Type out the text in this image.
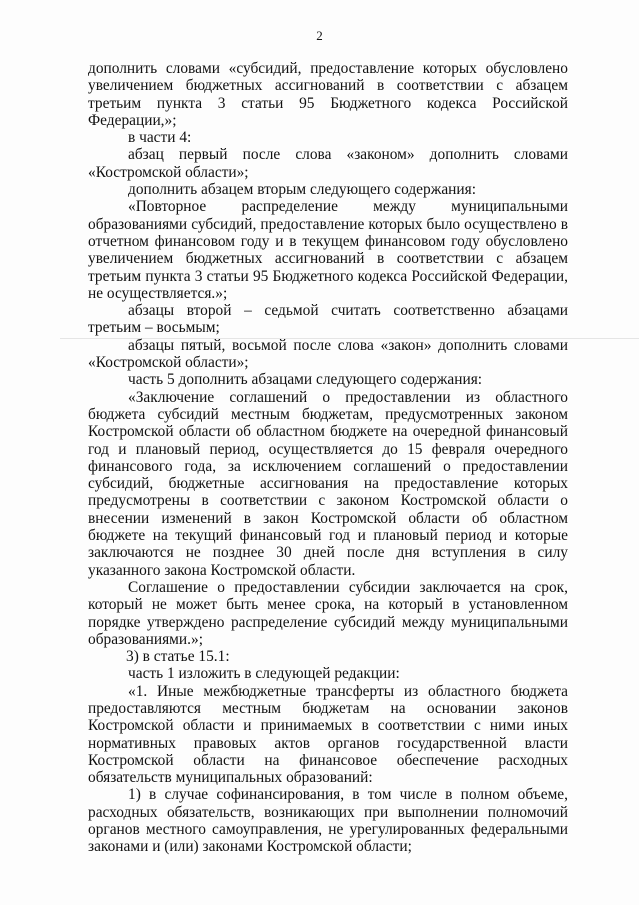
2

дополнить словами «субсидий, предоставление которых обусловлено увеличением бюджетных ассигнований в соответствии с абзацем третьим пункта 3 статьи 95 Бюджетного кодекса Российской Федерации,»;

в части 4:

абзац первый после слова «законом» дополнить словами «Костромской области»;

дополнить абзацем вторым следующего содержания:

«Повторное распределение между муниципальными образованиями субсидий, предоставление которых было осуществлено в отчетном финансовом году и в текущем финансовом году обусловлено увеличением бюджетных ассигнований в соответствии с абзацем третьим пункта 3 статьи 95 Бюджетного кодекса Российской Федерации, не осуществляется.»;

абзацы второй – седьмой считать соответственно абзацами третьим – восьмым;

абзацы пятый, восьмой после слова «закон» дополнить словами «Костромской области»;

часть 5 дополнить абзацами следующего содержания:

«Заключение соглашений о предоставлении из областного бюджета субсидий местным бюджетам, предусмотренных законом Костромской области об областном бюджете на очередной финансовый год и плановый период, осуществляется до 15 февраля очередного финансового года, за исключением соглашений о предоставлении субсидий, бюджетные ассигнования на предоставление которых предусмотрены в соответствии с законом Костромской области о внесении изменений в закон Костромской области об областном бюджете на текущий финансовый год и плановый период и которые заключаются не позднее 30 дней после дня вступления в силу указанного закона Костромской области.

Соглашение о предоставлении субсидии заключается на срок, который не может быть менее срока, на который в установленном порядке утверждено распределение субсидий между муниципальными образованиями.»;

3) в статье 15.1:

часть 1 изложить в следующей редакции:

«1. Иные межбюджетные трансферты из областного бюджета предоставляются местным бюджетам на основании законов Костромской области и принимаемых в соответствии с ними иных нормативных правовых актов органов государственной власти Костромской области на финансовое обеспечение расходных обязательств муниципальных образований:

1) в случае софинансирования, в том числе в полном объеме, расходных обязательств, возникающих при выполнении полномочий органов местного самоуправления, не урегулированных федеральными законами и (или) законами Костромской области;
